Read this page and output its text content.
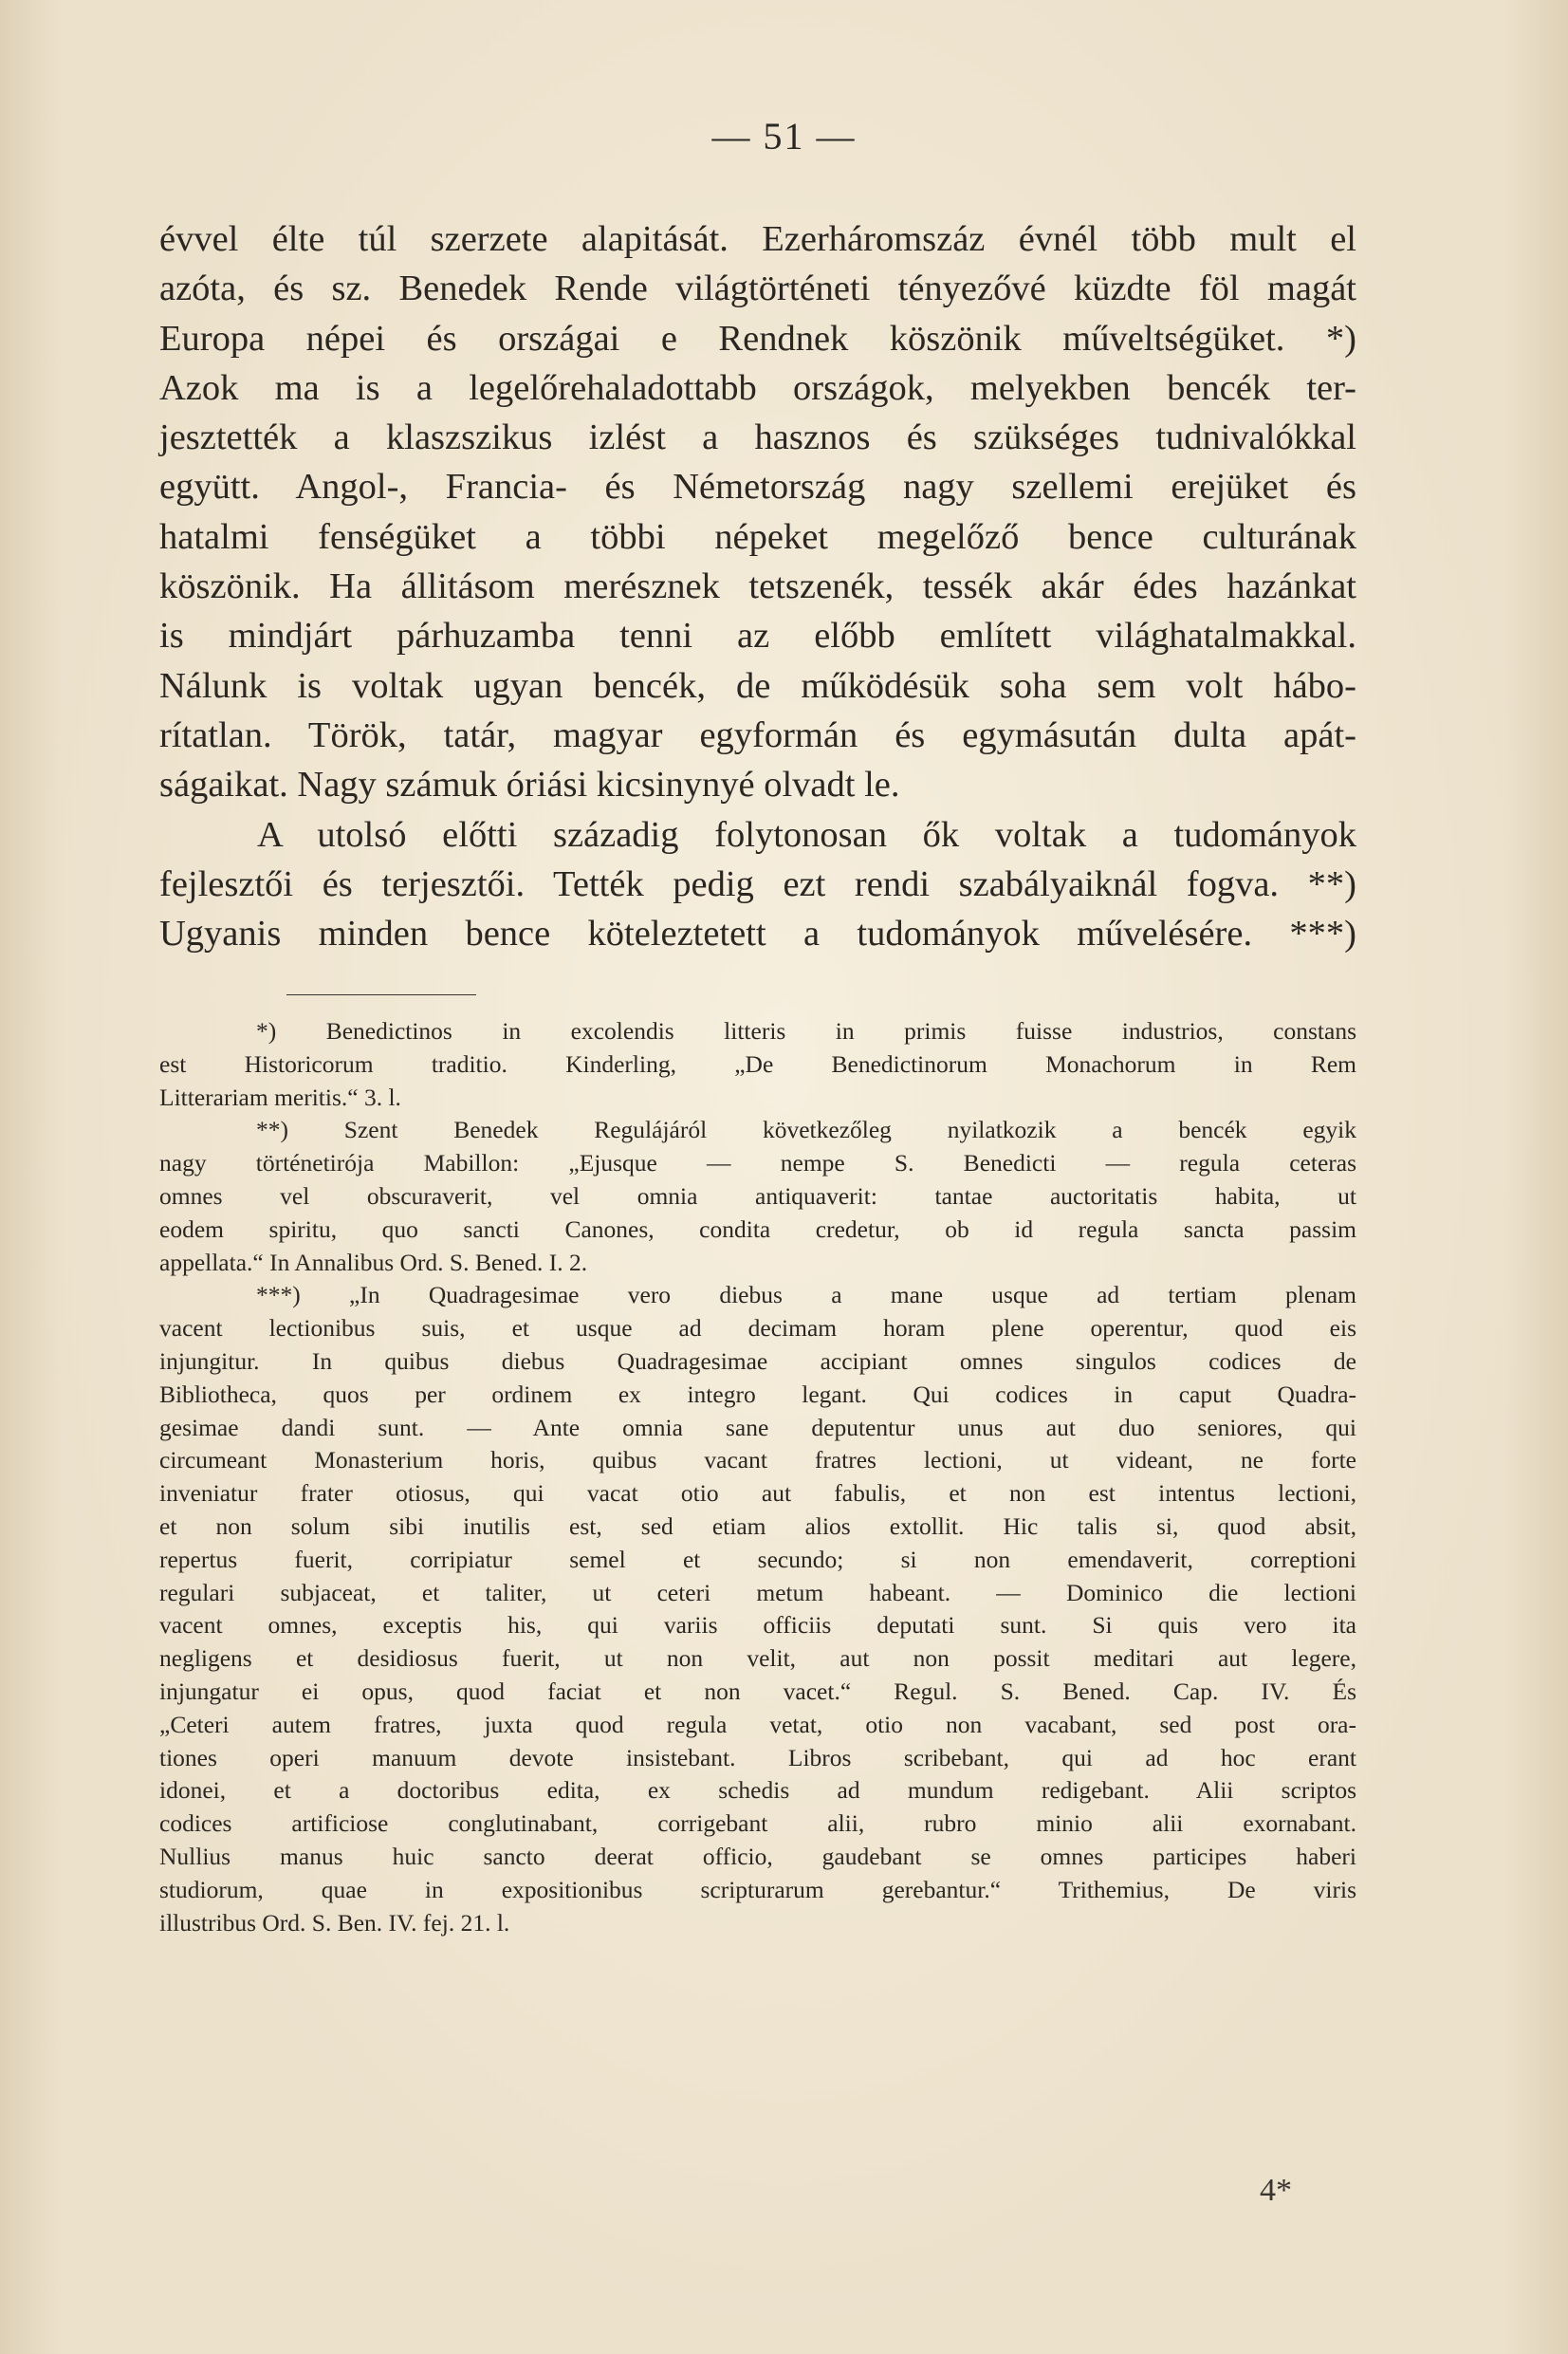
— 51 —
évvel élte túl szerzete alapitását. Ezerháromszáz évnél több mult el
azóta, és sz. Benedek Rende világtörténeti tényezővé küzdte föl magát
Europa népei és országai e Rendnek köszönik műveltségüket. *)
Azok ma is a legelőrehaladottabb országok, melyekben bencék ter-
jesztették a klaszszikus izlést a hasznos és szükséges tudnivalókkal
együtt. Angol-, Francia- és Németország nagy szellemi erejüket és
hatalmi fenségüket a többi népeket megelőző bence culturának
köszönik. Ha állitásom merésznek tetszenék, tessék akár édes hazánkat
is mindjárt párhuzamba tenni az előbb említett világhatalmakkal.
Nálunk is voltak ugyan bencék, de működésük soha sem volt hábo-
rítatlan. Török, tatár, magyar egyformán és egymásután dulta apát-
ságaikat. Nagy számuk óriási kicsinynyé olvadt le.
A utolsó előtti századig folytonosan ők voltak a tudományok
fejlesztői és terjesztői. Tették pedig ezt rendi szabályaiknál fogva. **)
Ugyanis minden bence köteleztetett a tudományok művelésére. ***)
*) Benedictinos in excolendis litteris in primis fuisse industrios, constans
est Historicorum traditio. Kinderling, „De Benedictinorum Monachorum in Rem
Litterariam meritis.“ 3. l.
**) Szent Benedek Regulájáról következőleg nyilatkozik a bencék egyik
nagy történetirója Mabillon: „Ejusque — nempe S. Benedicti — regula ceteras
omnes vel obscuraverit, vel omnia antiquaverit: tantae auctoritatis habita, ut
eodem spiritu, quo sancti Canones, condita credetur, ob id regula sancta passim
appellata.“ In Annalibus Ord. S. Bened. I. 2.
***) „In Quadragesimae vero diebus a mane usque ad tertiam plenam
vacent lectionibus suis, et usque ad decimam horam plene operentur, quod eis
injungitur. In quibus diebus Quadragesimae accipiant omnes singulos codices de
Bibliotheca, quos per ordinem ex integro legant. Qui codices in caput Quadra-
gesimae dandi sunt. — Ante omnia sane deputentur unus aut duo seniores, qui
circumeant Monasterium horis, quibus vacant fratres lectioni, ut videant, ne forte
inveniatur frater otiosus, qui vacat otio aut fabulis, et non est intentus lectioni,
et non solum sibi inutilis est, sed etiam alios extollit. Hic talis si, quod absit,
repertus fuerit, corripiatur semel et secundo; si non emendaverit, correptioni
regulari subjaceat, et taliter, ut ceteri metum habeant. — Dominico die lectioni
vacent omnes, exceptis his, qui variis officiis deputati sunt. Si quis vero ita
negligens et desidiosus fuerit, ut non velit, aut non possit meditari aut legere,
injungatur ei opus, quod faciat et non vacet.“ Regul. S. Bened. Cap. IV. És
„Ceteri autem fratres, juxta quod regula vetat, otio non vacabant, sed post ora-
tiones operi manuum devote insistebant. Libros scribebant, qui ad hoc erant
idonei, et a doctoribus edita, ex schedis ad mundum redigebant. Alii scriptos
codices artificiose conglutinabant, corrigebant alii, rubro minio alii exornabant.
Nullius manus huic sancto deerat officio, gaudebant se omnes participes haberi
studiorum, quae in expositionibus scripturarum gerebantur.“ Trithemius, De viris
illustribus Ord. S. Ben. IV. fej. 21. l.
4*
